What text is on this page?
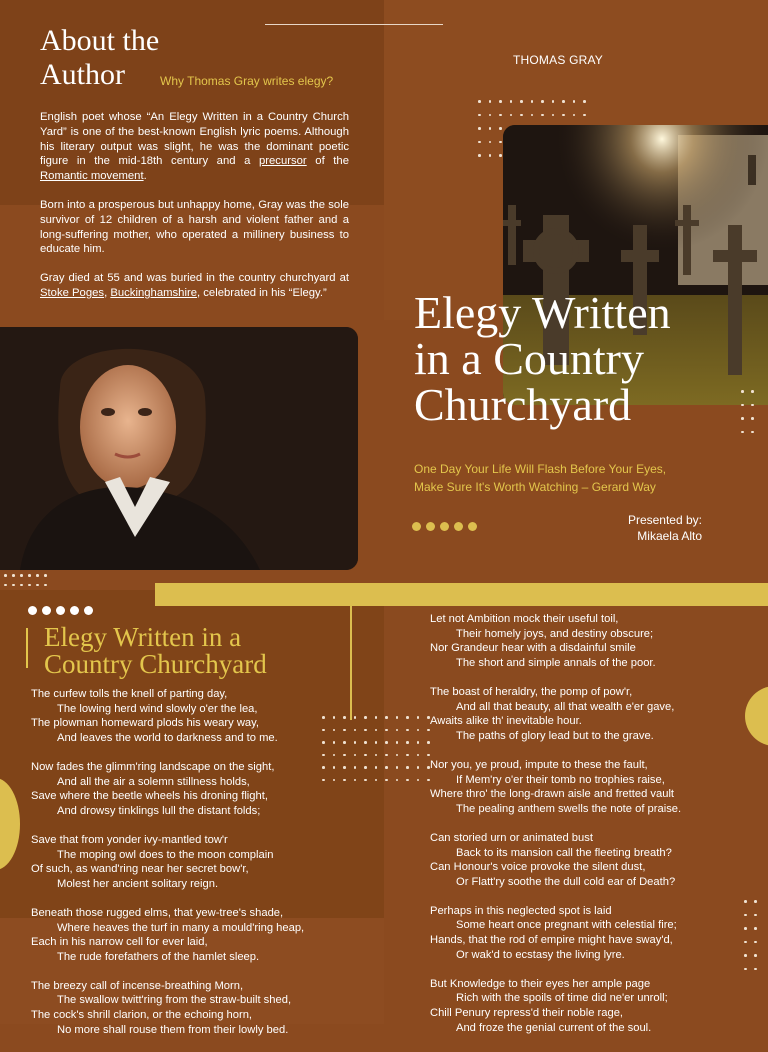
About the
Author	Why Thomas Gray writes elegy?
THOMAS GRAY

English poet whose “An Elegy Written in a Country Church Yard” is one of the best-known English lyric poems. Although his literary output was slight, he was the dominant poetic figure in the mid-18th century and a precursor of the Romantic movement.

Born into a prosperous but unhappy home, Gray was the sole survivor of 12 children of a harsh and violent father and a long-suffering mother, who operated a millinery business to educate him.

Gray died at 55 and was buried in the country churchyard at Stoke Poges, Buckinghamshire, celebrated in his “Elegy.”	Elegy Written
in a Country
Churchyard
One Day Your Life Will Flash Before Your Eyes,
Make Sure It's Worth Watching – Gerard Way
Presented by:
Mikaela Alto
Elegy Written in a
Country Churchyard
The curfew tolls the knell of parting day,
The lowing herd wind slowly o'er the lea,
The plowman homeward plods his weary way,
And leaves the world to darkness and to me.
Now fades the glimm'ring landscape on the sight,
And all the air a solemn stillness holds,
Save where the beetle wheels his droning flight,
And drowsy tinklings lull the distant folds;
Save that from yonder ivy-mantled tow'r
The moping owl does to the moon complain
Of such, as wand'ring near her secret bow'r,
Molest her ancient solitary reign.
Beneath those rugged elms, that yew-tree's shade,
Where heaves the turf in many a mould'ring heap,
Each in his narrow cell for ever laid,
The rude forefathers of the hamlet sleep.
The breezy call of incense-breathing Morn,
The swallow twitt'ring from the straw-built shed,
The cock's shrill clarion, or the echoing horn,
No more shall rouse them from their lowly bed.
Let not Ambition mock their useful toil,
Their homely joys, and destiny obscure;
Nor Grandeur hear with a disdainful smile
The short and simple annals of the poor.
The boast of heraldry, the pomp of pow'r,
And all that beauty, all that wealth e'er gave,
Awaits alike th' inevitable hour.
The paths of glory lead but to the grave.
Nor you, ye proud, impute to these the fault,
If Mem'ry o'er their tomb no trophies raise,
Where thro' the long-drawn aisle and fretted vault
The pealing anthem swells the note of praise.
Can storied urn or animated bust
Back to its mansion call the fleeting breath?
Can Honour's voice provoke the silent dust,
Or Flatt'ry soothe the dull cold ear of Death?
Perhaps in this neglected spot is laid
Some heart once pregnant with celestial fire;
Hands, that the rod of empire might have sway'd,
Or wak'd to ecstasy the living lyre.
But Knowledge to their eyes her ample page
Rich with the spoils of time did ne'er unroll;
Chill Penury repress'd their noble rage,
And froze the genial current of the soul.
